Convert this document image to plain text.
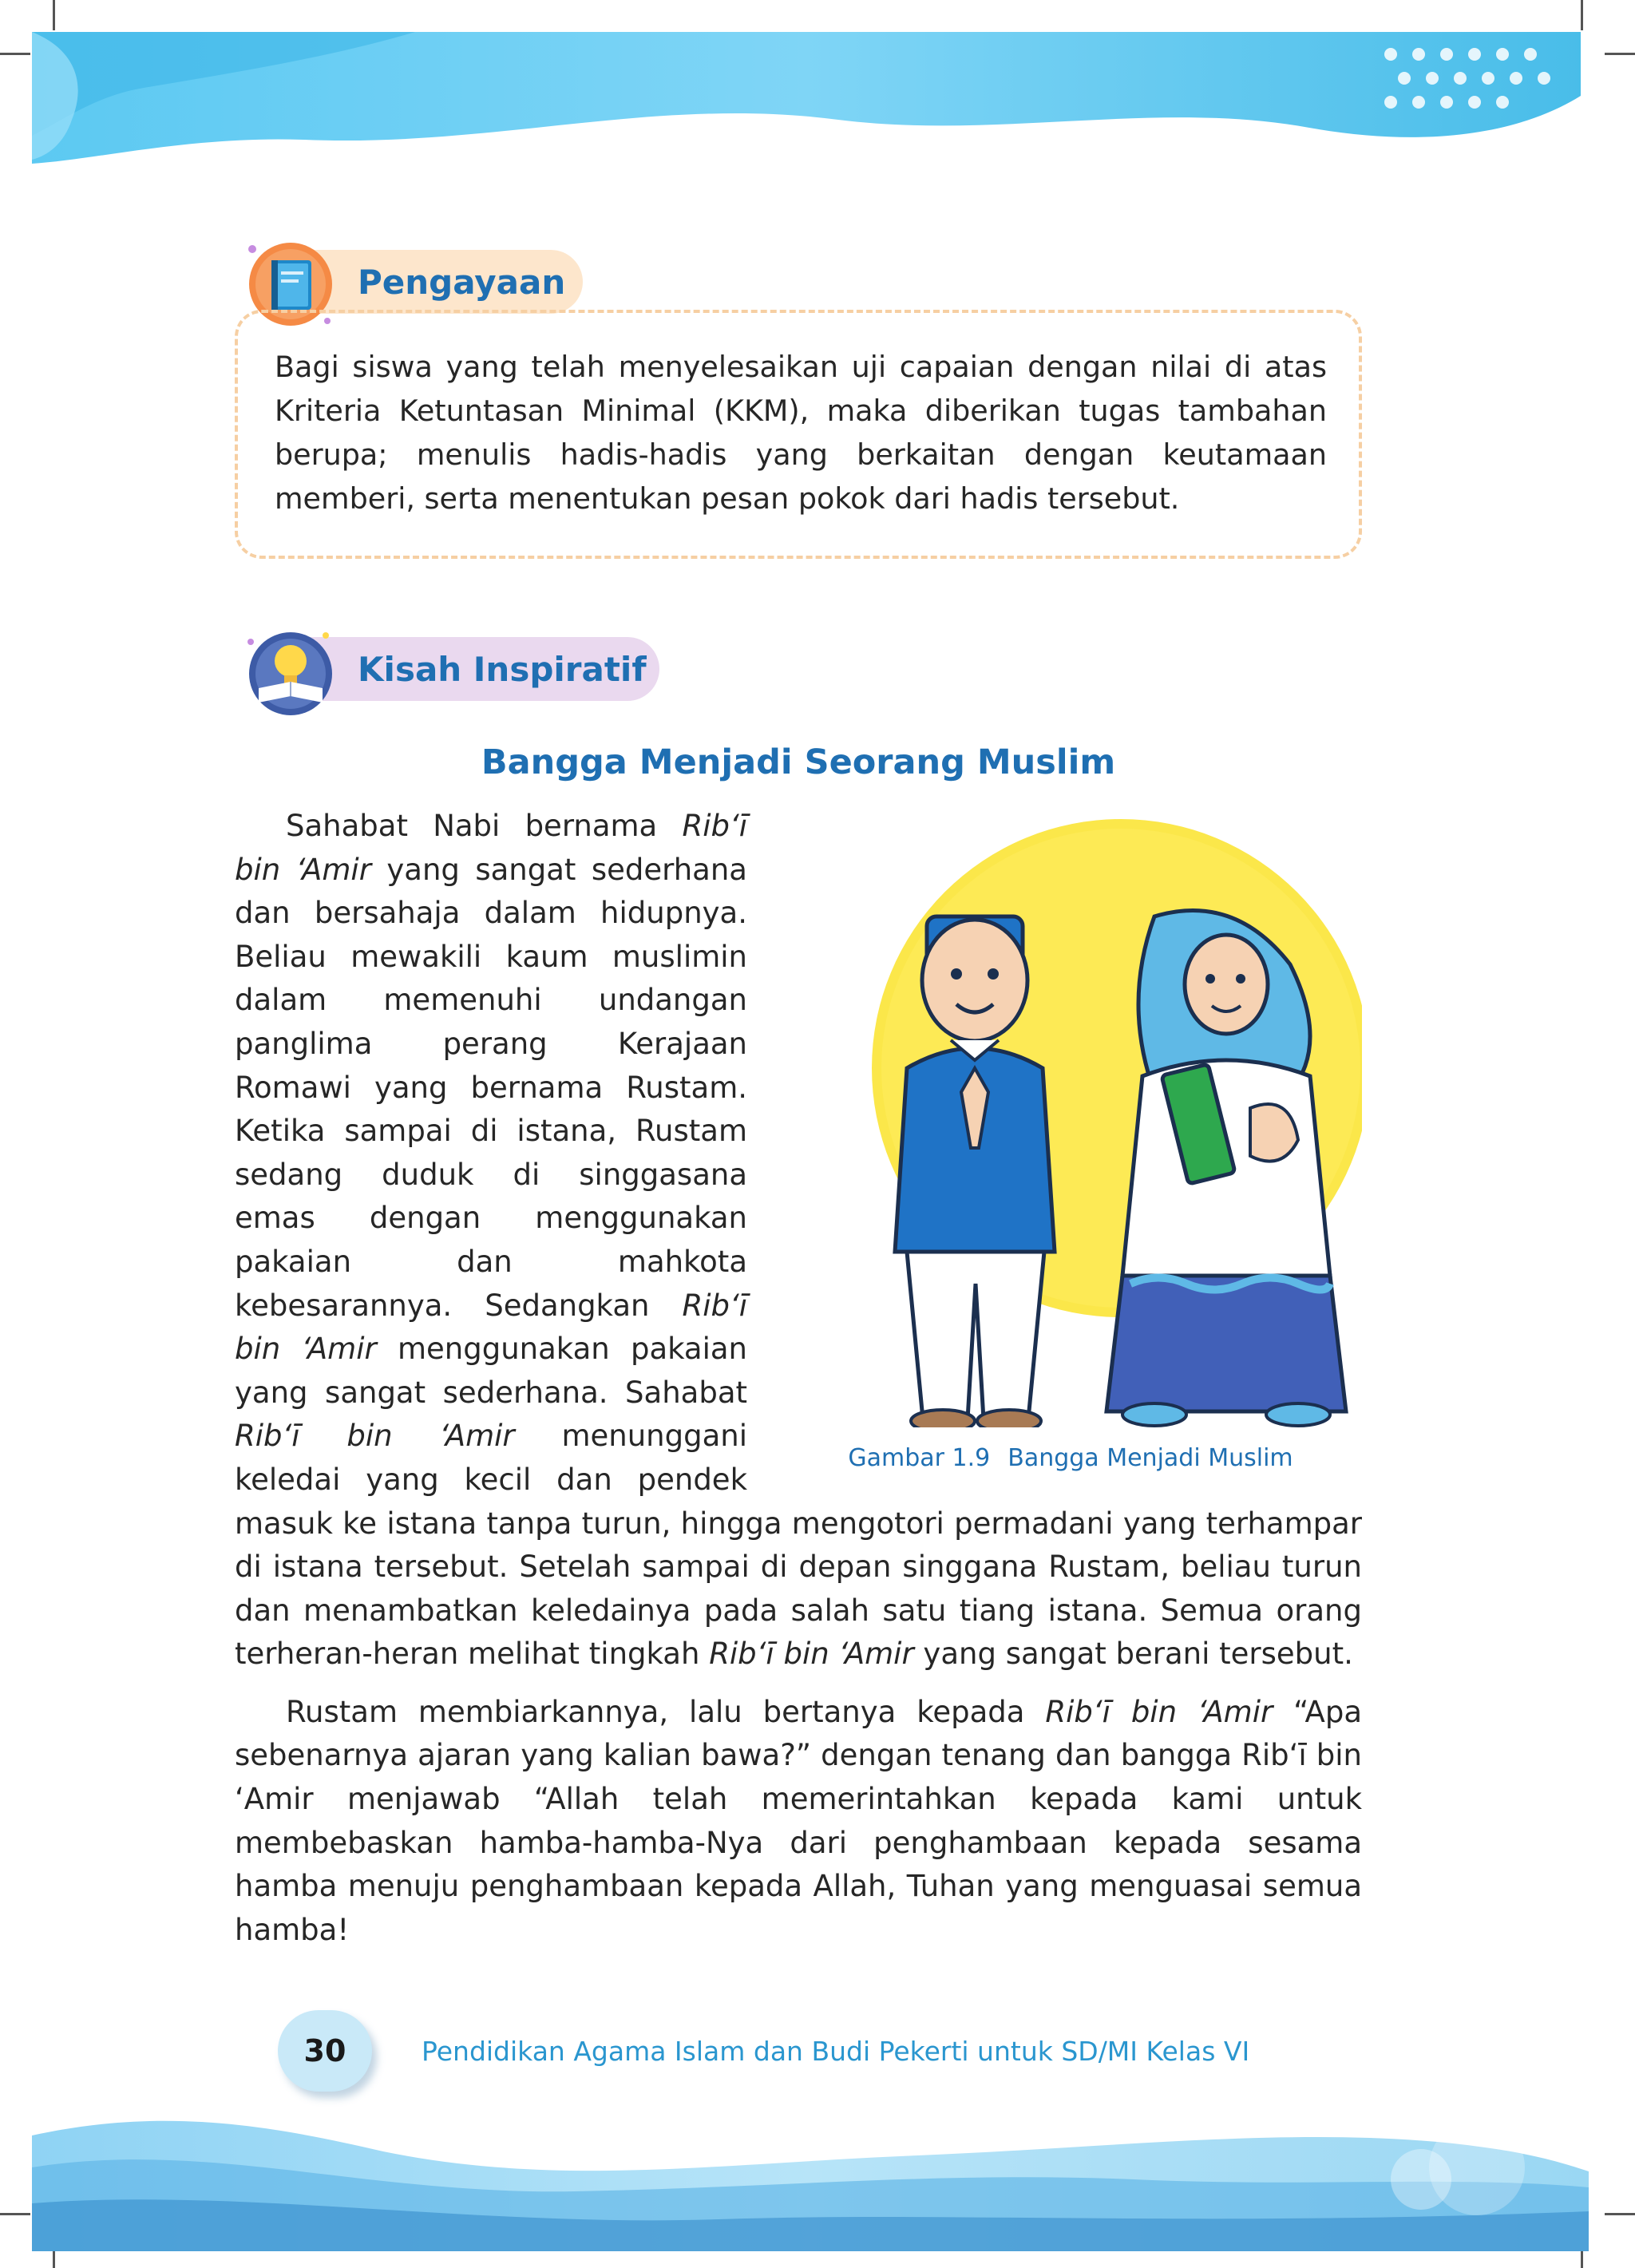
Pengayaan

Bagi siswa yang telah menyelesaikan uji capaian dengan nilai di atas Kriteria Ketuntasan Minimal (KKM), maka diberikan tugas tambahan berupa; menulis hadis-hadis yang berkaitan dengan keutamaan memberi, serta menentukan pesan pokok dari hadis tersebut.

Kisah Inspiratif
Bangga Menjadi Seorang Muslim
Gambar 1.9 Bangga Menjadi Muslim

Sahabat Nabi bernama Rib‘ī bin ‘Amir yang sangat sederhana dan bersahaja dalam hidupnya. Beliau mewakili kaum muslimin dalam memenuhi undangan panglima perang Kerajaan Romawi yang bernama Rustam. Ketika sampai di istana, Rustam sedang duduk di singgasana emas dengan menggunakan pakaian dan mahkota kebesarannya. Sedangkan Rib‘ī bin ‘Amir menggunakan pakaian yang sangat sederhana. Sahabat Rib‘ī bin ‘Amir menunggani keledai yang kecil dan pendek masuk ke istana tanpa turun, hingga mengotori permadani yang terhampar di istana tersebut. Setelah sampai di depan singgana Rustam, beliau turun dan menambatkan keledainya pada salah satu tiang istana. Semua orang terheran-heran melihat tingkah Rib‘ī bin ‘Amir yang sangat berani tersebut.

Rustam membiarkannya, lalu bertanya kepada Rib‘ī bin ‘Amir “Apa sebenarnya ajaran yang kalian bawa?” dengan tenang dan bangga Rib‘ī bin ‘Amir menjawab “Allah telah memerintahkan kepada kami untuk membebaskan hamba-hamba-Nya dari penghambaan kepada sesama hamba menuju penghambaan kepada Allah, Tuhan yang menguasai semua hamba!

30	Pendidikan Agama Islam dan Budi Pekerti untuk SD/MI Kelas VI
